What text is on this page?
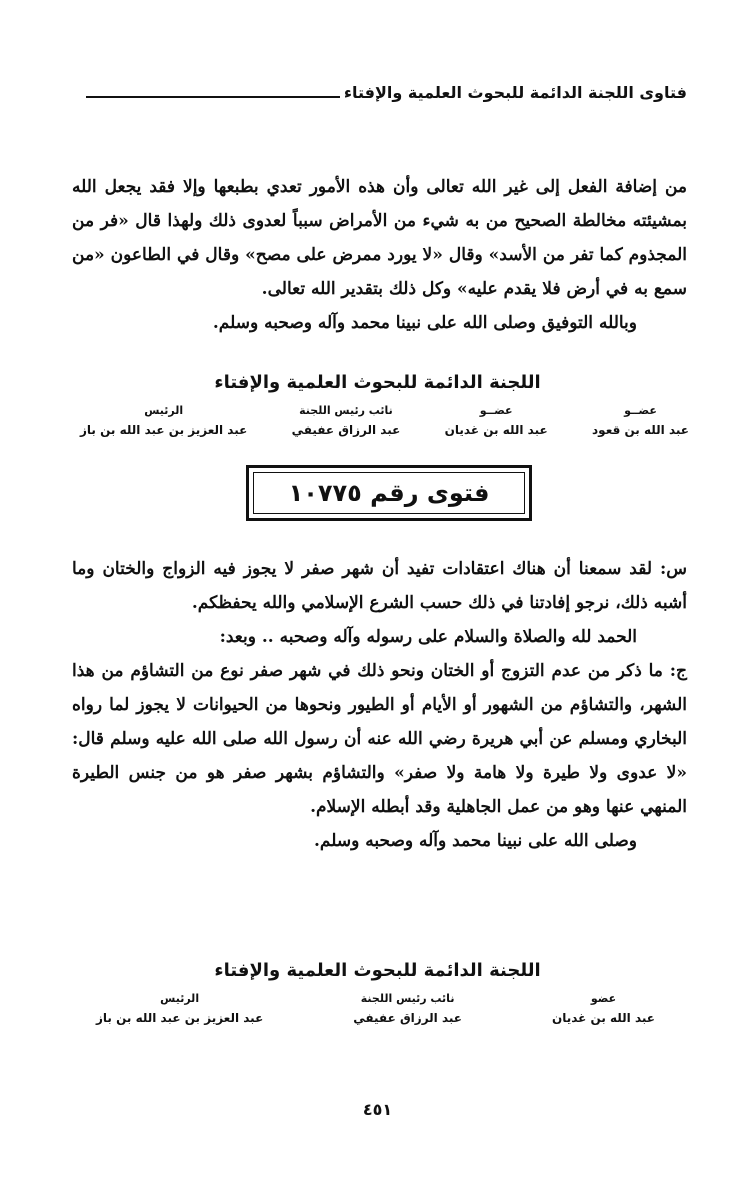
فتاوى اللجنة الدائمة للبحوث العلمية والإفتاء

من إضافة الفعل إلى غير الله تعالى وأن هذه الأمور تعدي بطبعها وإلا فقد يجعل الله بمشيئته مخالطة الصحيح من به شيء من الأمراض سبباً لعدوى ذلك ولهذا قال «فر من المجذوم كما تفر من الأسد» وقال «لا يورد ممرض على مصح» وقال في الطاعون «من سمع به في أرض فلا يقدم عليه» وكل ذلك بتقدير الله تعالى.

وبالله التوفيق وصلى الله على نبينا محمد وآله وصحبه وسلم.

اللجنة الدائمة للبحوث العلمية والإفتاء
عضــو
عبد الله بن قعود
عضــو
عبد الله بن غديان
نائب رئيس اللجنة
عبد الرزاق عفيفي
الرئيس
عبد العزيز بن عبد الله بن باز
فتوى رقم ١٠٧٧٥

س: لقد سمعنا أن هناك اعتقادات تفيد أن شهر صفر لا يجوز فيه الزواج والختان وما أشبه ذلك، نرجو إفادتنا في ذلك حسب الشرع الإسلامي والله يحفظكم.

الحمد لله والصلاة والسلام على رسوله وآله وصحبه .. وبعد:

ج: ما ذكر من عدم التزوج أو الختان ونحو ذلك في شهر صفر نوع من التشاؤم من هذا الشهر، والتشاؤم من الشهور أو الأيام أو الطيور ونحوها من الحيوانات لا يجوز لما رواه البخاري ومسلم عن أبي هريرة رضي الله عنه أن رسول الله صلى الله عليه وسلم قال: «لا عدوى ولا طيرة ولا هامة ولا صفر» والتشاؤم بشهر صفر هو من جنس الطيرة المنهي عنها وهو من عمل الجاهلية وقد أبطله الإسلام.

وصلى الله على نبينا محمد وآله وصحبه وسلم.

اللجنة الدائمة للبحوث العلمية والإفتاء
عضو
عبد الله بن غديان
نائب رئيس اللجنة
عبد الرزاق عفيفي
الرئيس
عبد العزيز بن عبد الله بن باز
٤٥١
